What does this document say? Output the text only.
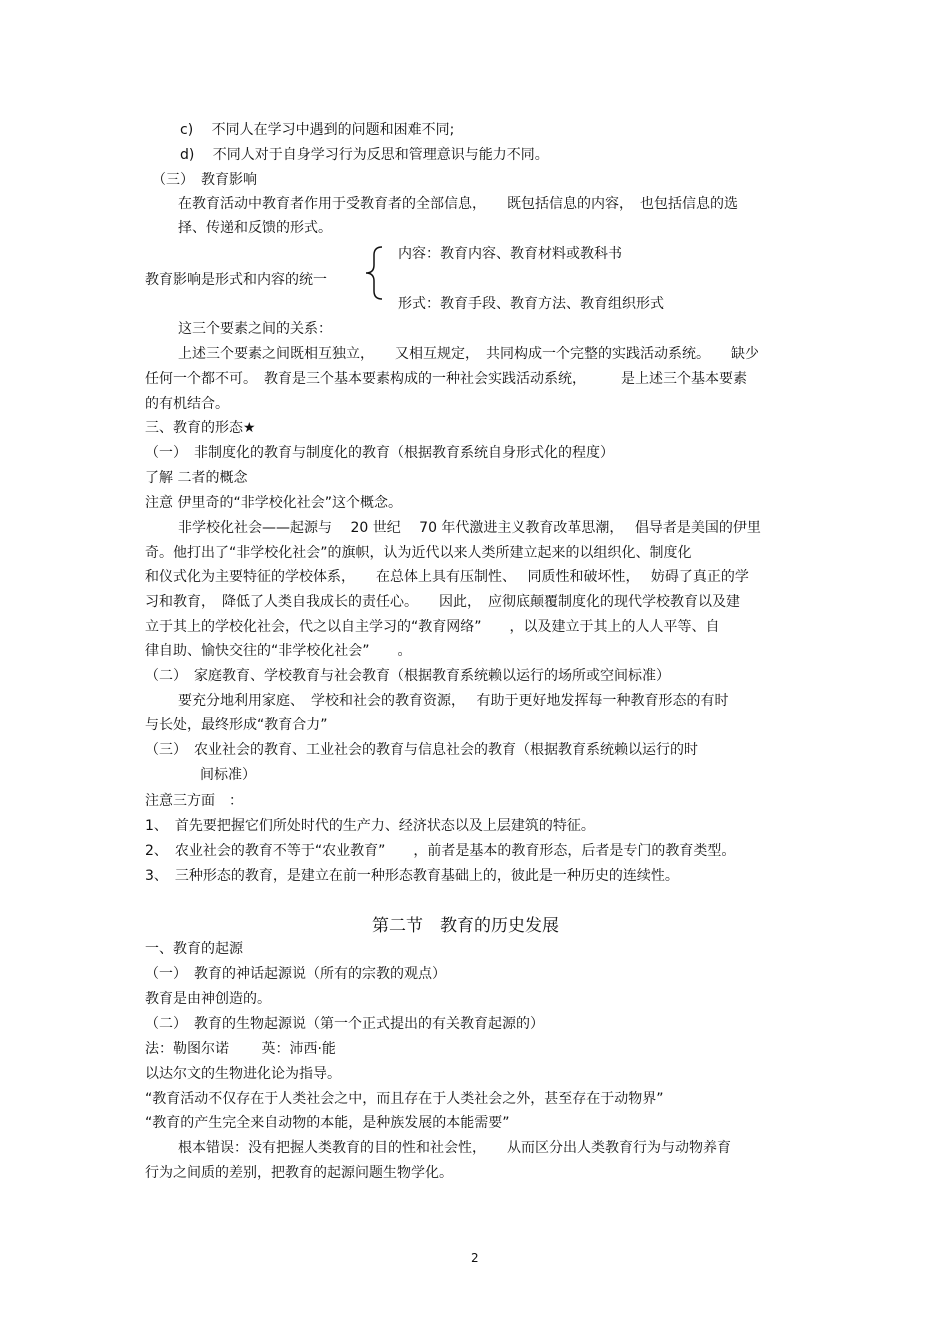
c)　 不同人在学习中遇到的问题和困难不同;
d)　 不同人对于自身学习行为反思和管理意识与能力不同。
（三）　教育影响
在教育活动中教育者作用于受教育者的全部信息，　　既包括信息的内容，　也包括信息的选
择、传递和反馈的形式。
内容：教育内容、教育材料或教科书
教育影响是形式和内容的统一
形式：教育手段、教育方法、教育组织形式
这三个要素之间的关系：
上述三个要素之间既相互独立，　　又相互规定，　共同构成一个完整的实践活动系统。　　缺少
任何一个都不可。　教育是三个基本要素构成的一种社会实践活动系统，　　　是上述三个基本要素
的有机结合。
三、教育的形态★
（一）　非制度化的教育与制度化的教育（根据教育系统自身形式化的程度）
了解 二者的概念
注意 伊里奇的“非学校化社会”这个概念。
非学校化社会——起源与　 20 世纪　 70 年代激进主义教育改革思潮，　 倡导者是美国的伊里
奇。他打出了“非学校化社会”的旗帜，认为近代以来人类所建立起来的以组织化、制度化
和仪式化为主要特征的学校体系，　　在总体上具有压制性、　 同质性和破坏性，　 妨碍了真正的学
习和教育，　降低了人类自我成长的责任心。　　因此，　应彻底颠覆制度化的现代学校教育以及建
立于其上的学校化社会，代之以自主学习的“教育网络”　　，以及建立于其上的人人平等、自
律自助、愉快交往的“非学校化社会”　　。
（二）　家庭教育、学校教育与社会教育（根据教育系统赖以运行的场所或空间标准）
要充分地利用家庭、　学校和社会的教育资源，　 有助于更好地发挥每一种教育形态的有时
与长处，最终形成“教育合力”
（三）　农业社会的教育、工业社会的教育与信息社会的教育（根据教育系统赖以运行的时
间标准）
注意三方面　：
1、　首先要把握它们所处时代的生产力、经济状态以及上层建筑的特征。
2、　农业社会的教育不等于“农业教育”　　，前者是基本的教育形态，后者是专门的教育类型。
3、　三种形态的教育，是建立在前一种形态教育基础上的，彼此是一种历史的连续性。
第二节　教育的历史发展
一、教育的起源
（一）　教育的神话起源说（所有的宗教的观点）
教育是由神创造的。
（二）　教育的生物起源说（第一个正式提出的有关教育起源的）
法：勒图尔诺　　 英：沛西·能
以达尔文的生物进化论为指导。
“教育活动不仅存在于人类社会之中，而且存在于人类社会之外，甚至存在于动物界”
“教育的产生完全来自动物的本能，是种族发展的本能需要”
根本错误：没有把握人类教育的目的性和社会性，　　从而区分出人类教育行为与动物养育
行为之间质的差别，把教育的起源问题生物学化。
2
